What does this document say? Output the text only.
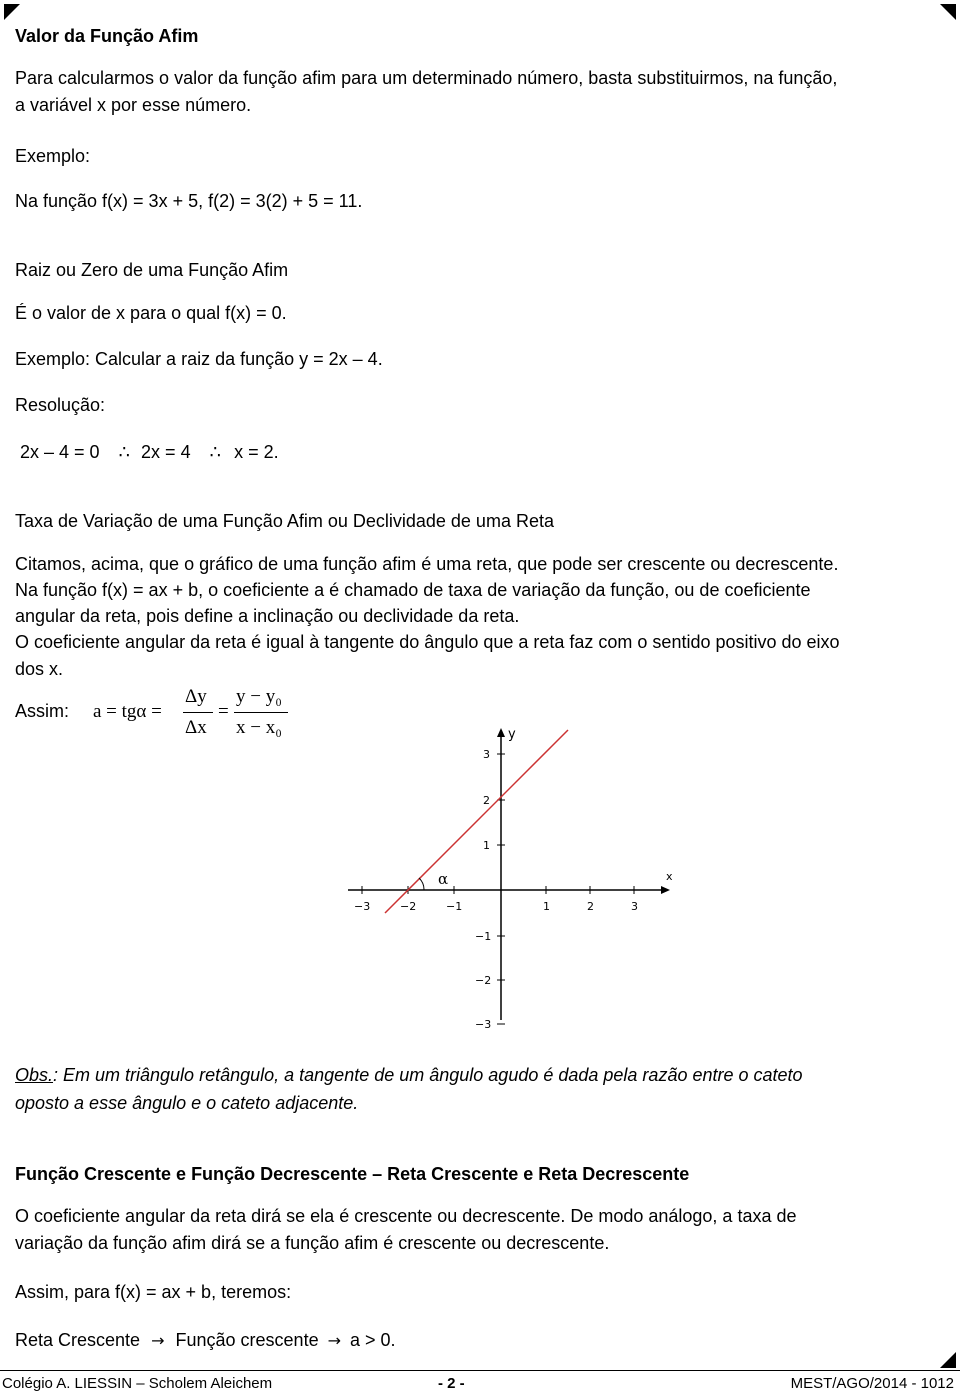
Valor da Função Afim
Para calcularmos o valor da função afim para um determinado número, basta substituirmos, na função,
a variável x por esse número.
Exemplo:
Na função f(x) = 3x + 5, f(2) = 3(2) + 5 = 11.
Raiz ou Zero de uma Função Afim
É o valor de x para o qual f(x) = 0.
Exemplo: Calcular a raiz da função y = 2x – 4.
Resolução:
2x – 4 = 0 ∴ 2x = 4 ∴ x = 2.
Taxa de Variação de uma Função Afim ou Declividade de uma Reta
Citamos, acima, que o gráfico de uma função afim é uma reta, que pode ser crescente ou decrescente.
Na função f(x) = ax + b, o coeficiente a é chamado de taxa de variação da função, ou de coeficiente
angular da reta, pois define a inclinação ou declividade da reta.
O coeficiente angular da reta é igual à tangente do ângulo que a reta faz com o sentido positivo do eixo
dos x.
Assim: a = tgα =
Δy
Δx
=
y − y₀
x − x₀
x
y
−3	−2	−1	1	2	3
3
2
1
−1
−2
−3
α
Obs.: Em um triângulo retângulo, a tangente de um ângulo agudo é dada pela razão entre o cateto
oposto a esse ângulo e o cateto adjacente.
Função Crescente e Função Decrescente – Reta Crescente e Reta Decrescente
O coeficiente angular da reta dirá se ela é crescente ou decrescente. De modo análogo, a taxa de
variação da função afim dirá se a função afim é crescente ou decrescente.
Assim, para f(x) = ax + b, teremos:
Reta Crescente → Função crescente → a > 0.
Colégio A. LIESSIN – Scholem Aleichem	- 2 -	MEST/AGO/2014 - 1012
